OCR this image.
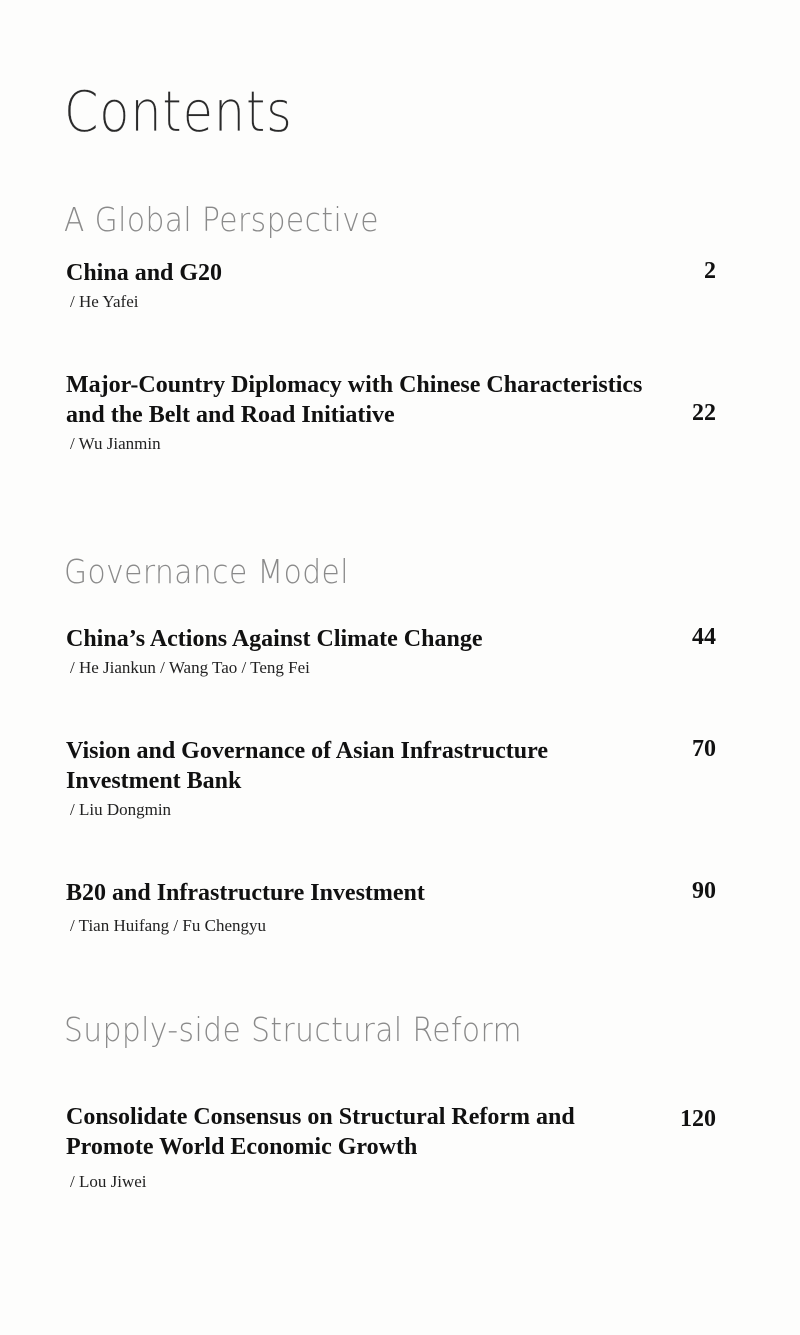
Contents
A Global Perspective
China and G20
/ He Yafei
2
Major-Country Diplomacy with Chinese Characteristics and the Belt and Road Initiative
/ Wu Jianmin
22
Governance Model
China’s Actions Against Climate Change
/ He Jiankun / Wang Tao / Teng Fei
44
Vision and Governance of Asian Infrastructure Investment Bank
/ Liu Dongmin
70
B20 and Infrastructure Investment
/ Tian Huifang / Fu Chengyu
90
Supply-side Structural Reform
Consolidate Consensus on Structural Reform and Promote World Economic Growth
/ Lou Jiwei
120
